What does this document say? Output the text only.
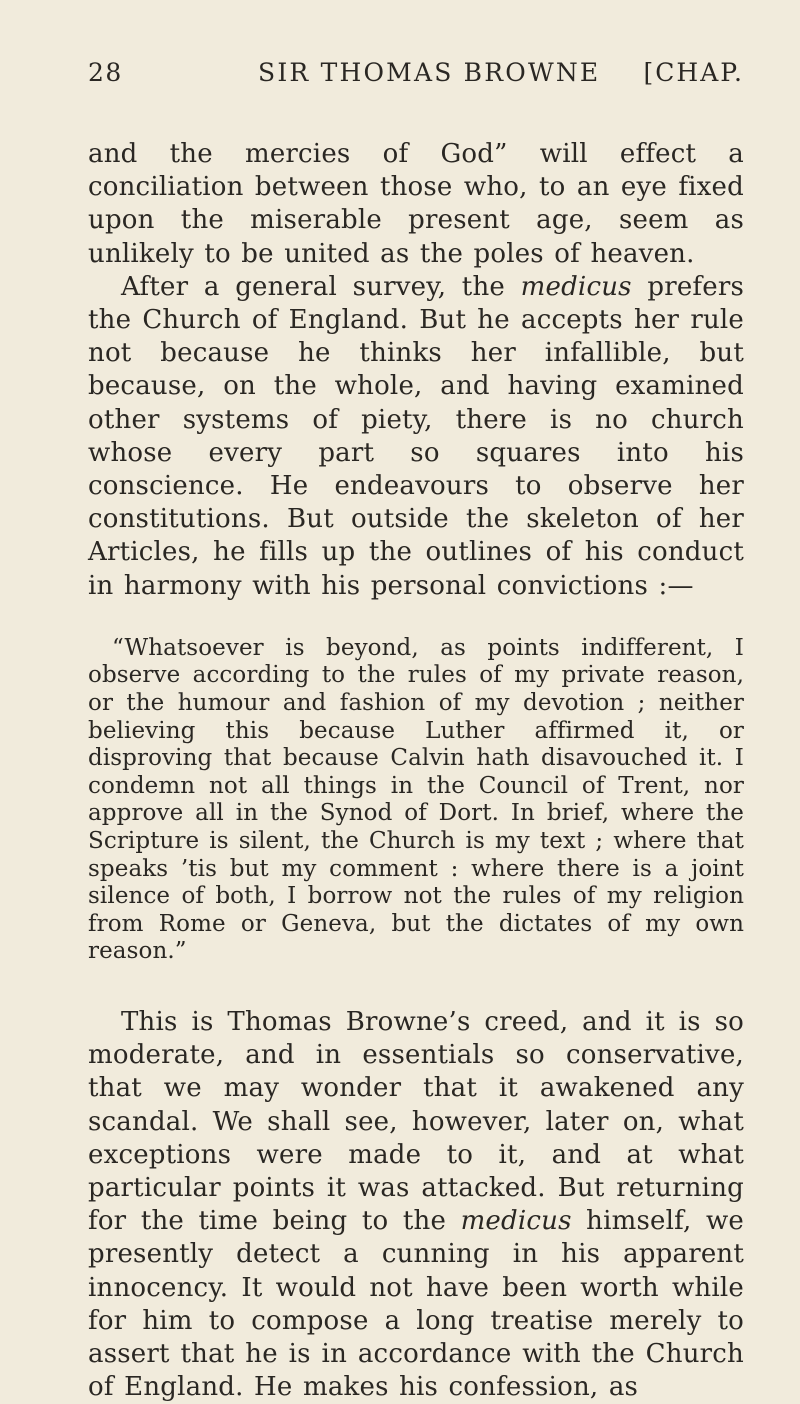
28	SIR THOMAS BROWNE [CHAP.

and the mercies of God” will effect a conciliation between those who, to an eye fixed upon the miserable present age, seem as unlikely to be united as the poles of heaven.

After a general survey, the medicus prefers the Church of England. But he accepts her rule not because he thinks her infallible, but because, on the whole, and having examined other systems of piety, there is no church whose every part so squares into his conscience. He endeavours to observe her constitutions. But outside the skeleton of her Articles, he fills up the outlines of his conduct in harmony with his personal convictions :—

“Whatsoever is beyond, as points indifferent, I observe according to the rules of my private reason, or the humour and fashion of my devotion ; neither believing this because Luther affirmed it, or disproving that because Calvin hath disavouched it. I condemn not all things in the Council of Trent, nor approve all in the Synod of Dort. In brief, where the Scripture is silent, the Church is my text ; where that speaks ’tis but my comment : where there is a joint silence of both, I borrow not the rules of my religion from Rome or Geneva, but the dictates of my own reason.”

This is Thomas Browne’s creed, and it is so moderate, and in essentials so conservative, that we may wonder that it awakened any scandal. We shall see, however, later on, what exceptions were made to it, and at what particular points it was attacked. But returning for the time being to the medicus himself, we presently detect a cunning in his apparent innocency. It would not have been worth while for him to compose a long treatise merely to assert that he is in accordance with the Church of England. He makes his confession, as
